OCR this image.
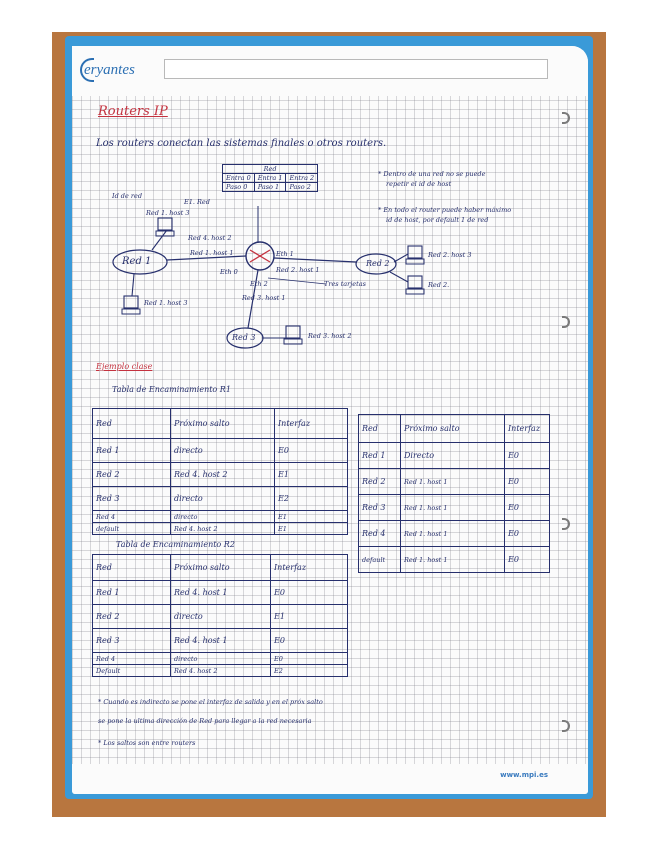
eryantes
Routers IP
Los routers conectan las sistemas finales o otros routers.
Red		
Entra 0	Entra 1	Entra 2
Paso 0	Paso 1	Paso 2
* Dentro de una red no se puede
repetir el id de host
* En todo el router puede haber máximo
id de host, por default 1 de red
Id de red
E1. Red
Red 1. host 3
Red 1
Red 1. host 3
Red 2
Red 3
Eth 0
Eth 1
Eth 2
Red 4. host 2
Red 1. host 1
Red 2. host 1
Red 3. host 1
Tres tarjetas
Red 2. host 3
Red 2.
Red 3. host 2
Ejemplo clase
Tabla de Encaminamiento R1
Red	Próximo salto	Interfaz
Red 1	directo	E0
Red 2	Red 4. host 2	E1
Red 3	directo	E2
Red 4	directo	E1
default	Red 4. host 2	E1
Tabla de Encaminamiento R2
Red	Próximo salto	Interfaz
Red 1	Red 4. host 1	E0
Red 2	directo	E1
Red 3	Red 4. host 1	E0
Red 4	directo	E0
Default	Red 4. host 2	E2
Red	Próximo salto	Interfaz
Red 1	Directo	E0
Red 2	Red 1. host 1	E0
Red 3	Red 1. host 1	E0
Red 4	Red 1. host 1	E0
default	Red 1. host 1	E0
* Cuando es indirecto se pone el interfaz de salida y en el próx salto
se pone la ultima dirección de Red para llegar a la red necesaria
* Los saltos son entre routers
www.mpi.es
